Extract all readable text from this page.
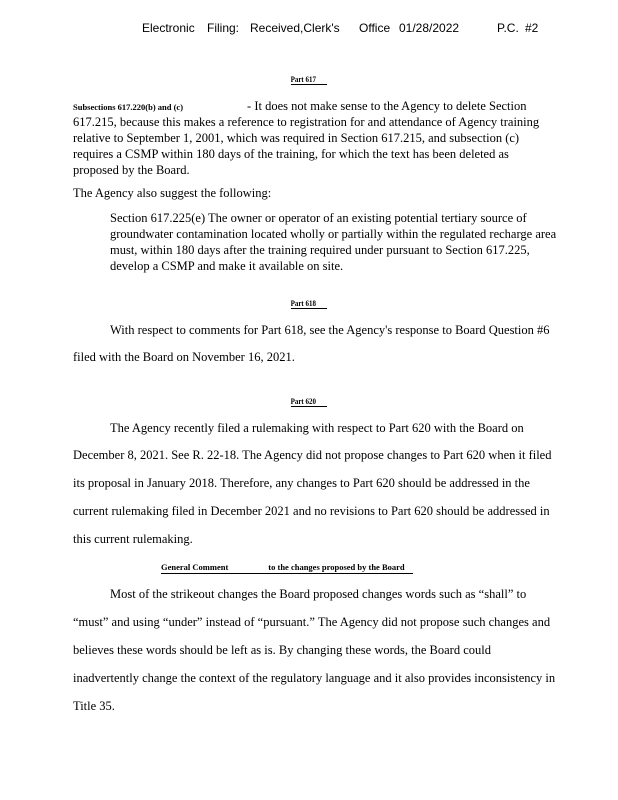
Electronic Filing: Received,Clerk's Office 01/28/2022	P.C. #2
Part 617
Subsections 617.220(b) and (c)	- It does not make sense to the Agency to delete Section
617.215, because this makes a reference to registration for and attendance of Agency training
relative to September 1, 2001, which was required in Section 617.215, and subsection (c)
requires a CSMP within 180 days of the training, for which the text has been deleted as
proposed by the Board.
The Agency also suggest the following:
Section 617.225(e) The owner or operator of an existing potential tertiary source of
groundwater contamination located wholly or partially within the regulated recharge area
must, within 180 days after the training required under pursuant to Section 617.225,
develop a CSMP and make it available on site.
Part 618
With respect to comments for Part 618, see the Agency's response to Board Question #6
filed with the Board on November 16, 2021.
Part 620
The Agency recently filed a rulemaking with respect to Part 620 with the Board on
December 8, 2021. See R. 22-18. The Agency did not propose changes to Part 620 when it filed
its proposal in January 2018. Therefore, any changes to Part 620 should be addressed in the
current rulemaking filed in December 2021 and no revisions to Part 620 should be addressed in
this current rulemaking.
General Comment	to the changes proposed by the Board
Most of the strikeout changes the Board proposed changes words such as “shall” to
“must” and using “under” instead of “pursuant.” The Agency did not propose such changes and
believes these words should be left as is. By changing these words, the Board could
inadvertently change the context of the regulatory language and it also provides inconsistency in
Title 35.
